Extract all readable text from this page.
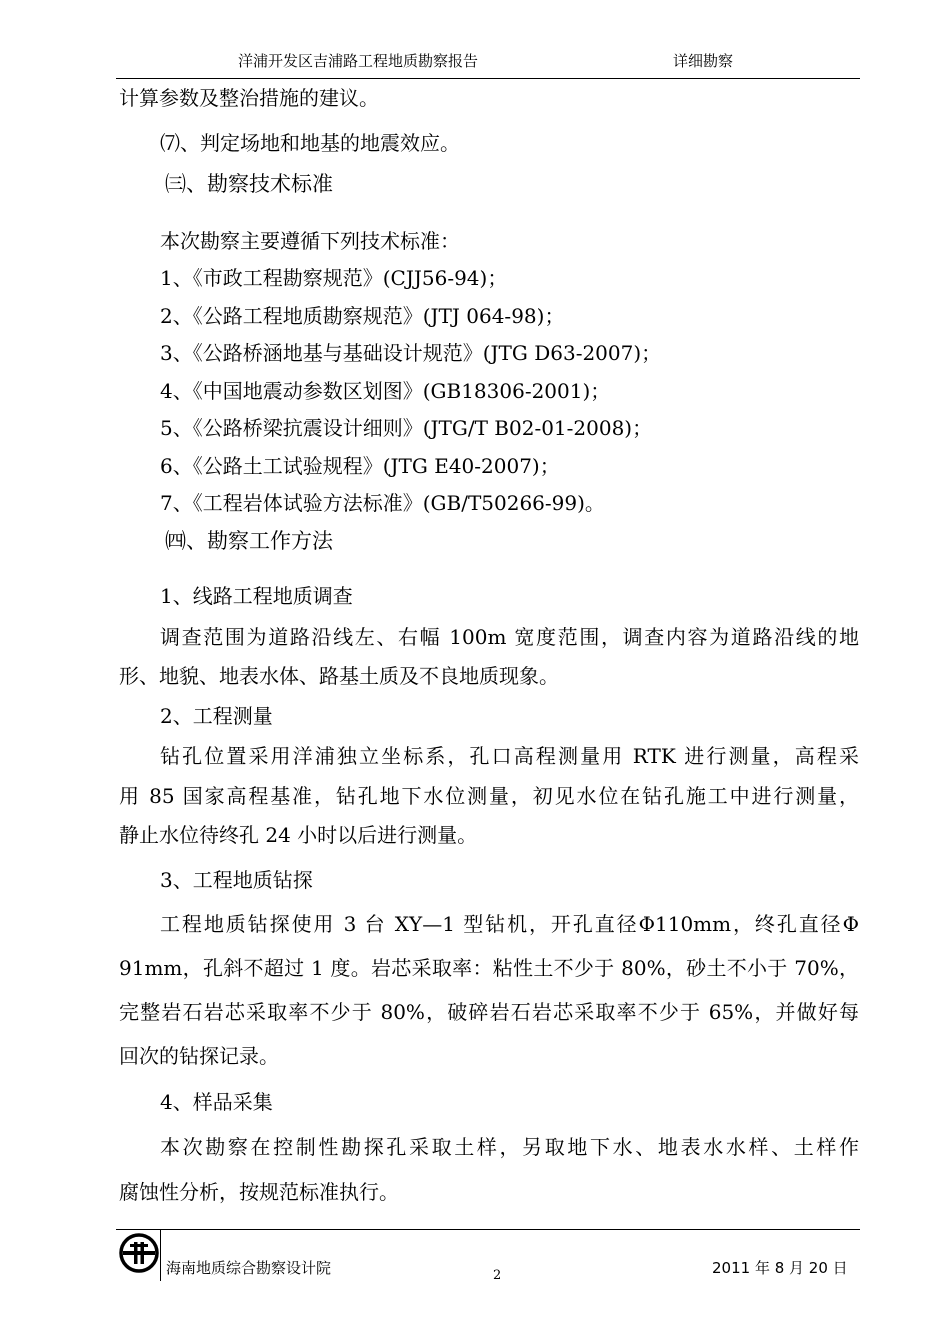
洋浦开发区吉浦路工程地质勘察报告	详细勘察
计算参数及整治措施的建议。
⑺、判定场地和地基的地震效应。
㈢、勘察技术标准
本次勘察主要遵循下列技术标准：
1、《市政工程勘察规范》(CJJ56-94)；
2、《公路工程地质勘察规范》(JTJ 064-98)；
3、《公路桥涵地基与基础设计规范》(JTG D63-2007)；
4、《中国地震动参数区划图》(GB18306-2001)；
5、《公路桥梁抗震设计细则》(JTG/T B02-01-2008)；
6、《公路土工试验规程》(JTG E40-2007)；
7、《工程岩体试验方法标准》(GB/T50266-99)。
㈣、勘察工作方法
1、线路工程地质调查
调查范围为道路沿线左、右幅 100m 宽度范围，调查内容为道路沿线的地
形、地貌、地表水体、路基土质及不良地质现象。
2、工程测量
钻孔位置采用洋浦独立坐标系，孔口高程测量用 RTK 进行测量，高程采
用 85 国家高程基准，钻孔地下水位测量，初见水位在钻孔施工中进行测量，
静止水位待终孔 24 小时以后进行测量。
3、工程地质钻探
工程地质钻探使用 3 台 XY—1 型钻机，开孔直径Φ110mm，终孔直径Φ
91mm，孔斜不超过 1 度。岩芯采取率：粘性土不少于 80%，砂土不小于 70%，
完整岩石岩芯采取率不少于 80%，破碎岩石岩芯采取率不少于 65%，并做好每
回次的钻探记录。
4、样品采集
本次勘察在控制性勘探孔采取土样，另取地下水、地表水水样、土样作
腐蚀性分析，按规范标准执行。
海南地质综合勘察设计院	2	2011 年 8 月 20 日
